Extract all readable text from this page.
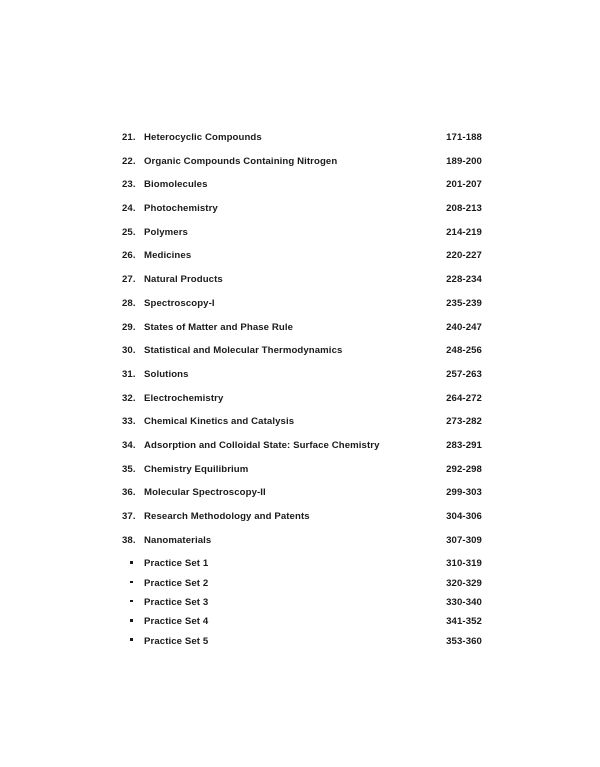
21. Heterocyclic Compounds	171-188
22. Organic Compounds Containing Nitrogen	189-200
23. Biomolecules	201-207
24. Photochemistry	208-213
25. Polymers	214-219
26. Medicines	220-227
27. Natural Products	228-234
28. Spectroscopy-I	235-239
29. States of Matter and Phase Rule	240-247
30. Statistical and Molecular Thermodynamics	248-256
31. Solutions	257-263
32. Electrochemistry	264-272
33. Chemical Kinetics and Catalysis	273-282
34. Adsorption and Colloidal State: Surface Chemistry	283-291
35. Chemistry Equilibrium	292-298
36. Molecular Spectroscopy-II	299-303
37. Research Methodology and Patents	304-306
38. Nanomaterials	307-309
Practice Set 1	310-319
Practice Set 2	320-329
Practice Set 3	330-340
Practice Set 4	341-352
Practice Set 5	353-360
